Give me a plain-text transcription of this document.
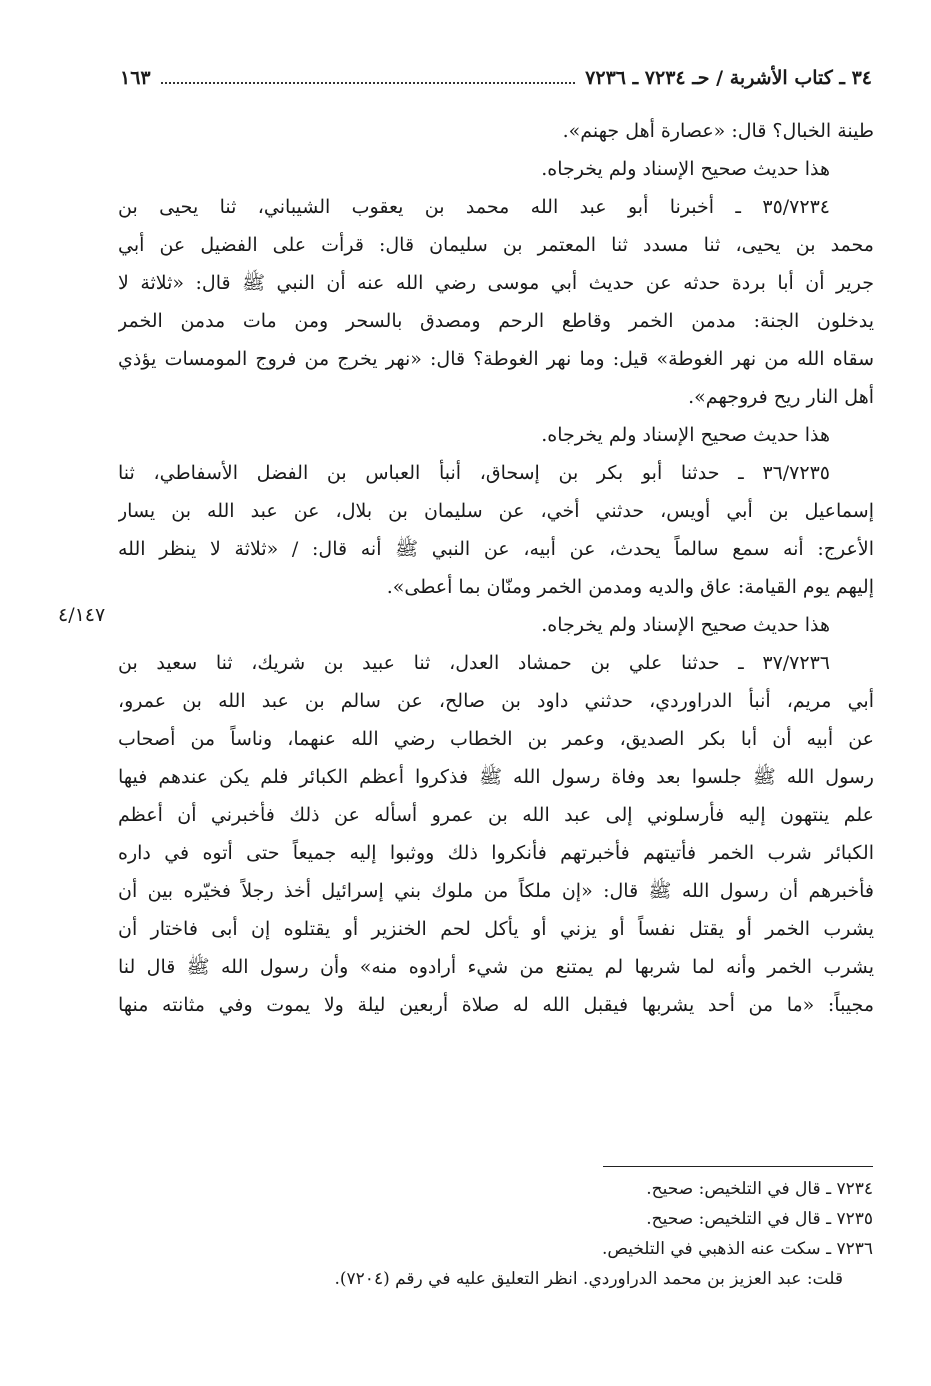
٣٤ ـ كتاب الأشربة / حـ ٧٢٣٤ ـ ٧٢٣٦
١٦٣
طينة الخبال؟ قال: «عصارة أهل جهنم».
هذا حديث صحيح الإسناد ولم يخرجاه.
٣٥/٧٢٣٤ ـ أخبرنا أبو عبد الله محمد بن يعقوب الشيباني، ثنا يحيى بن
محمد بن يحيى، ثنا مسدد ثنا المعتمر بن سليمان قال: قرأت على الفضيل عن أبي
جرير أن أبا بردة حدثه عن حديث أبي موسى رضي الله عنه أن النبي ﷺ قال: «ثلاثة لا
يدخلون الجنة: مدمن الخمر وقاطع الرحم ومصدق بالسحر ومن مات مدمن الخمر
سقاه الله من نهر الغوطة» قيل: وما نهر الغوطة؟ قال: «نهر يخرج من فروج المومسات يؤذي
أهل النار ريح فروجهم».
هذا حديث صحيح الإسناد ولم يخرجاه.
٣٦/٧٢٣٥ ـ حدثنا أبو بكر بن إسحاق، أنبأ العباس بن الفضل الأسفاطي، ثنا
إسماعيل بن أبي أويس، حدثني أخي، عن سليمان بن بلال، عن عبد الله بن يسار
الأعرج: أنه سمع سالماً يحدث، عن أبيه، عن النبي ﷺ أنه قال: / «ثلاثة لا ينظر الله
إليهم يوم القيامة: عاق والديه ومدمن الخمر ومنّان بما أعطى».
هذا حديث صحيح الإسناد ولم يخرجاه.
٣٧/٧٢٣٦ ـ حدثنا علي بن حمشاد العدل، ثنا عبيد بن شريك، ثنا سعيد بن
أبي مريم، أنبأ الدراوردي، حدثني داود بن صالح، عن سالم بن عبد الله بن عمرو،
عن أبيه أن أبا بكر الصديق، وعمر بن الخطاب رضي الله عنهما، وناساً من أصحاب
رسول الله ﷺ جلسوا بعد وفاة رسول الله ﷺ فذكروا أعظم الكبائر فلم يكن عندهم فيها
علم ينتهون إليه فأرسلوني إلى عبد الله بن عمرو أسأله عن ذلك فأخبرني أن أعظم
الكبائر شرب الخمر فأتيتهم فأخبرتهم فأنكروا ذلك ووثبوا إليه جميعاً حتى أتوه في داره
فأخبرهم أن رسول الله ﷺ قال: «إن ملكاً من ملوك بني إسرائيل أخذ رجلاً فخيّره بين أن
يشرب الخمر أو يقتل نفساً أو يزني أو يأكل لحم الخنزير أو يقتلوه إن أبى فاختار أن
يشرب الخمر وأنه لما شربها لم يمتنع من شيء أرادوه منه» وأن رسول الله ﷺ قال لنا
مجيباً: «ما من أحد يشربها فيقبل الله له صلاة أربعين ليلة ولا يموت وفي مثانته منها
٤/١٤٧
٧٢٣٤ ـ قال في التلخيص: صحيح.
٧٢٣٥ ـ قال في التلخيص: صحيح.
٧٢٣٦ ـ سكت عنه الذهبي في التلخيص.
قلت: عبد العزيز بن محمد الدراوردي. انظر التعليق عليه في رقم (٧٢٠٤).
